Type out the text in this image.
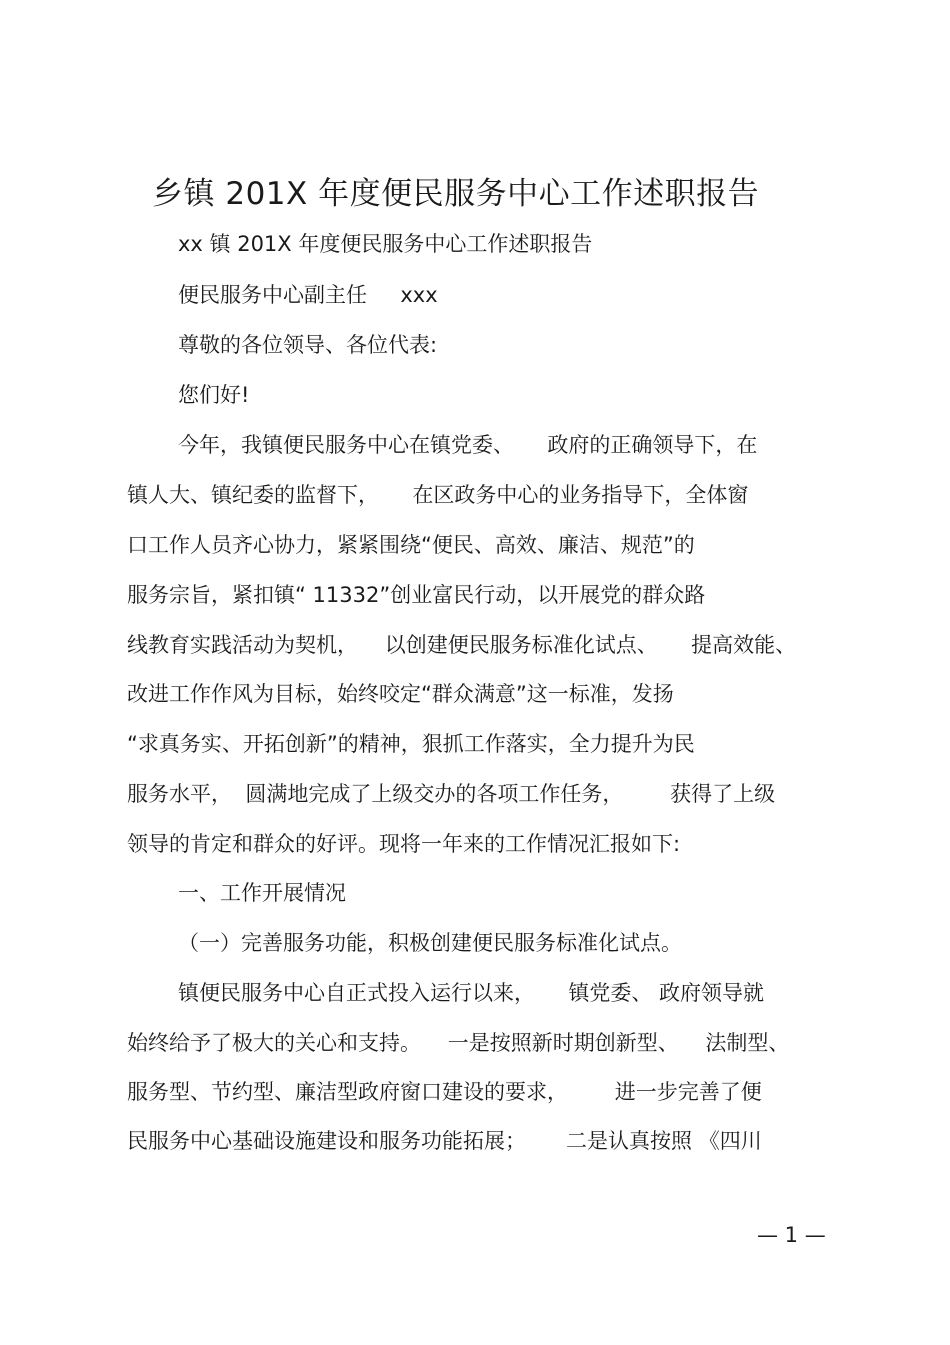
乡镇 201X 年度便民服务中心工作述职报告
xx 镇 201X 年度便民服务中心工作述职报告
便民服务中心副主任     xxx
尊敬的各位领导、各位代表:
您们好!
今年，我镇便民服务中心在镇党委、     政府的正确领导下，在
镇人大、镇纪委的监督下，     在区政务中心的业务指导下，全体窗
口工作人员齐心协力，紧紧围绕“便民、高效、廉洁、规范”的
服务宗旨，紧扣镇“ 11332”创业富民行动，以开展党的群众路
线教育实践活动为契机，    以创建便民服务标准化试点、     提高效能、
改进工作作风为目标，始终咬定“群众满意”这一标准，发扬
“求真务实、开拓创新”的精神，狠抓工作落实，全力提升为民
服务水平，  圆满地完成了上级交办的各项工作任务，       获得了上级
领导的肯定和群众的好评。现将一年来的工作情况汇报如下:
一、工作开展情况
（一）完善服务功能，积极创建便民服务标准化试点。
镇便民服务中心自正式投入运行以来，     镇党委、 政府领导就
始终给予了极大的关心和支持。    一是按照新时期创新型、    法制型、
服务型、节约型、廉洁型政府窗口建设的要求，       进一步完善了便
民服务中心基础设施建设和服务功能拓展；      二是认真按照 《四川
— 1 —
